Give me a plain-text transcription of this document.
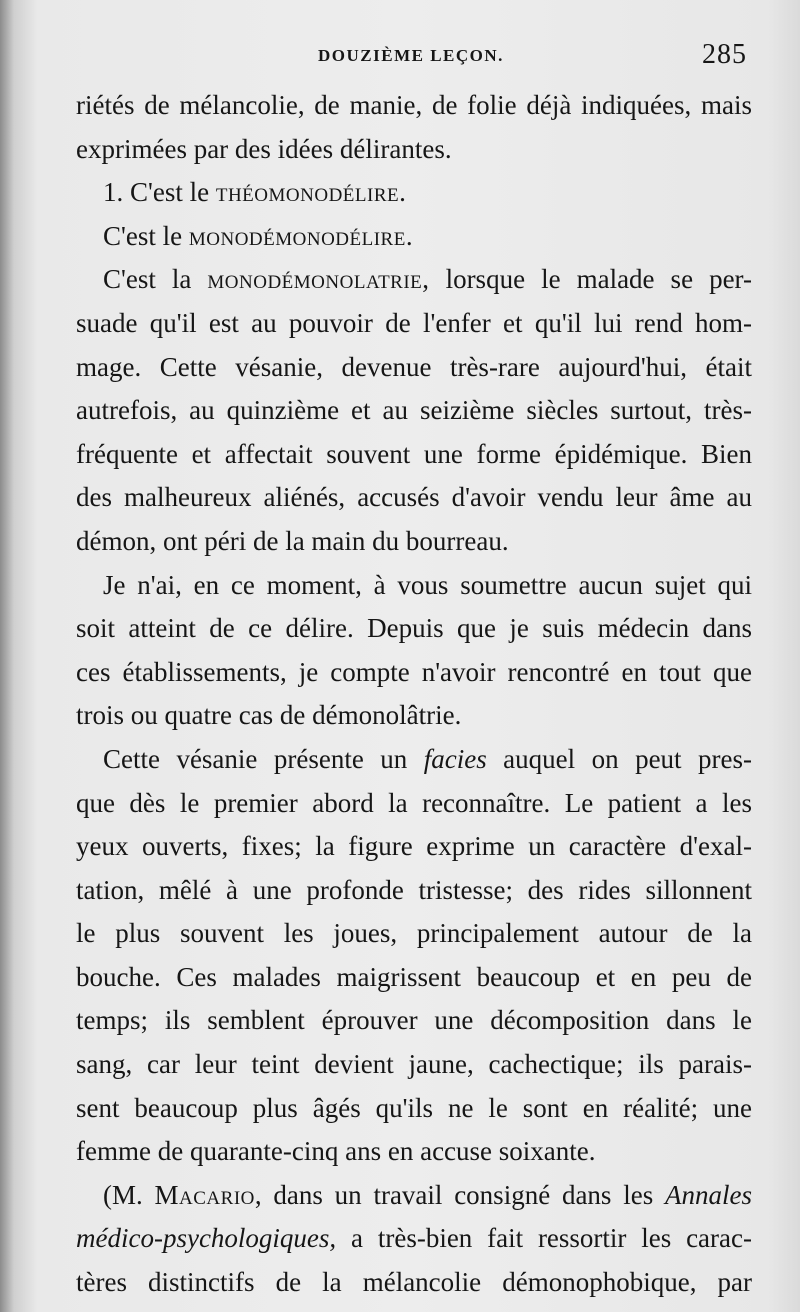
DOUZIÈME LEÇON.	285
riétés de mélancolie, de manie, de folie déjà indiquées, mais
exprimées par des idées délirantes.
1. C'est le théomonodélire.
C'est le monodémonodélire.
C'est la monodémonolatrie, lorsque le malade se per-
suade qu'il est au pouvoir de l'enfer et qu'il lui rend hom-
mage. Cette vésanie, devenue très-rare aujourd'hui, était
autrefois, au quinzième et au seizième siècles surtout, très-
fréquente et affectait souvent une forme épidémique. Bien
des malheureux aliénés, accusés d'avoir vendu leur âme au
démon, ont péri de la main du bourreau.
Je n'ai, en ce moment, à vous soumettre aucun sujet qui
soit atteint de ce délire. Depuis que je suis médecin dans
ces établissements, je compte n'avoir rencontré en tout que
trois ou quatre cas de démonolâtrie.
Cette vésanie présente un facies auquel on peut pres-
que dès le premier abord la reconnaître. Le patient a les
yeux ouverts, fixes; la figure exprime un caractère d'exal-
tation, mêlé à une profonde tristesse; des rides sillonnent
le plus souvent les joues, principalement autour de la
bouche. Ces malades maigrissent beaucoup et en peu de
temps; ils semblent éprouver une décomposition dans le
sang, car leur teint devient jaune, cachectique; ils parais-
sent beaucoup plus âgés qu'ils ne le sont en réalité; une
femme de quarante-cinq ans en accuse soixante.
(M. Macario, dans un travail consigné dans les Annales
médico-psychologiques, a très-bien fait ressortir les carac-
tères distinctifs de la mélancolie démonophobique, par
